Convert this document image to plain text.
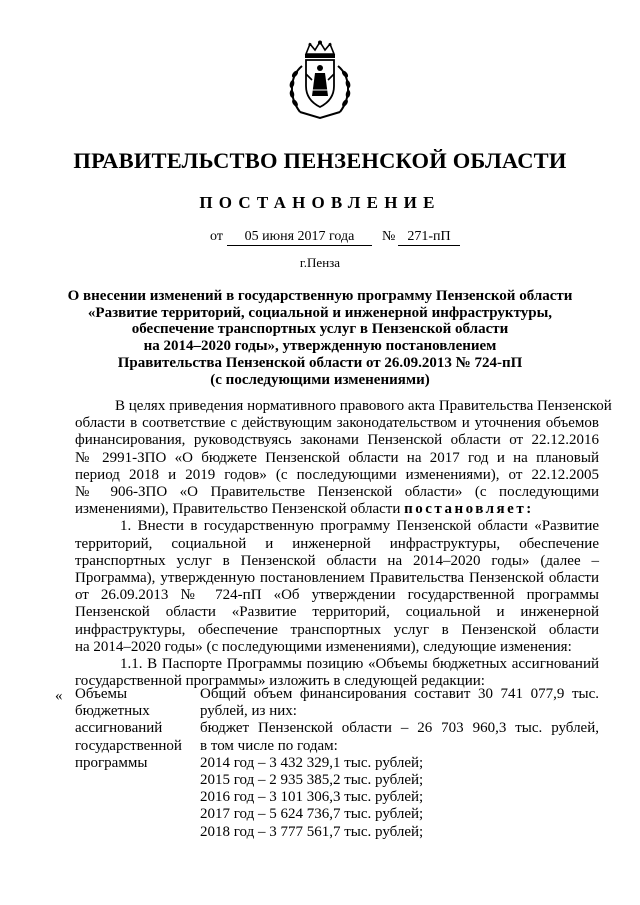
ПРАВИТЕЛЬСТВО ПЕНЗЕНСКОЙ ОБЛАСТИ
ПОСТАНОВЛЕНИЕ
от	05 июня 2017 года	№ 271-пП
г.Пенза
О внесении изменений в государственную программу Пензенской области
«Развитие территорий, социальной и инженерной инфраструктуры,
обеспечение транспортных услуг в Пензенской области
на 2014–2020 годы», утвержденную постановлением
Правительства Пензенской области от 26.09.2013 № 724-пП
(с последующими изменениями)
В целях приведения нормативного правового акта Правительства Пензенской
области в соответствие с действующим законодательством и уточнения объемов
финансирования, руководствуясь законами Пензенской области от 22.12.2016
№ 2991-ЗПО «О бюджете Пензенской области на 2017 год и на плановый
период 2018 и 2019 годов» (с последующими изменениями), от 22.12.2005
№ 906-ЗПО «О Правительстве Пензенской области» (с последующими
изменениями), Правительство Пензенской области постановляет:
1. Внести в государственную программу Пензенской области «Развитие
территорий, социальной и инженерной инфраструктуры, обеспечение
транспортных услуг в Пензенской области на 2014–2020 годы» (далее –
Программа), утвержденную постановлением Правительства Пензенской области
от 26.09.2013 № 724-пП «Об утверждении государственной программы
Пензенской области «Развитие территорий, социальной и инженерной
инфраструктуры, обеспечение транспортных услуг в Пензенской области
на 2014–2020 годы» (с последующими изменениями), следующие изменения:
1.1. В Паспорте Программы позицию «Объемы бюджетных ассигнований
государственной программы» изложить в следующей редакции:
« Объемы
бюджетных
ассигнований
государственной
программы
Общий объем финансирования составит 30 741 077,9 тыс.
рублей, из них:
бюджет Пензенской области – 26 703 960,3 тыс. рублей,
в том числе по годам:
2014 год – 3 432 329,1 тыс. рублей;
2015 год – 2 935 385,2 тыс. рублей;
2016 год – 3 101 306,3 тыс. рублей;
2017 год – 5 624 736,7 тыс. рублей;
2018 год – 3 777 561,7 тыс. рублей;
